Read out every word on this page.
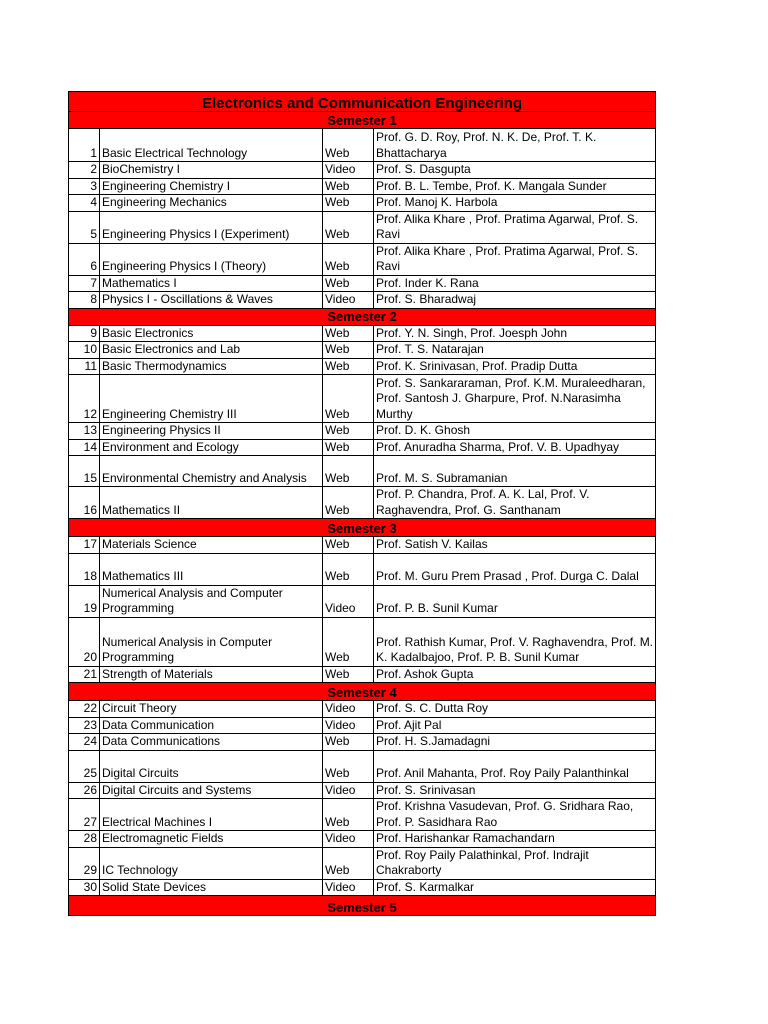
Electronics and Communication Engineering			
Semester 1			
1	Basic Electrical Technology	Web	Prof. G. D. Roy, Prof. N. K. De, Prof. T. K. Bhattacharya
2	BioChemistry I	Video	Prof. S. Dasgupta
3	Engineering Chemistry I	Web	Prof. B. L. Tembe, Prof. K. Mangala Sunder
4	Engineering Mechanics	Web	Prof. Manoj K. Harbola
5	Engineering Physics I (Experiment)	Web	Prof. Alika Khare , Prof. Pratima Agarwal, Prof. S. Ravi
6	Engineering Physics I (Theory)	Web	Prof. Alika Khare , Prof. Pratima Agarwal, Prof. S. Ravi
7	Mathematics I	Web	Prof. Inder K. Rana
8	Physics I - Oscillations & Waves	Video	Prof. S. Bharadwaj
Semester 2			
9	Basic Electronics	Web	Prof. Y. N. Singh, Prof. Joesph John
10	Basic Electronics and Lab	Web	Prof. T. S. Natarajan
11	Basic Thermodynamics	Web	Prof. K. Srinivasan, Prof. Pradip Dutta
12	Engineering Chemistry III	Web	Prof. S. Sankararaman, Prof. K.M. Muraleedharan, Prof. Santosh J. Gharpure, Prof. N.Narasimha Murthy
13	Engineering Physics II	Web	Prof. D. K. Ghosh
14	Environment and Ecology	Web	Prof. Anuradha Sharma, Prof. V. B. Upadhyay
15	Environmental Chemistry and Analysis	Web	Prof. M. S. Subramanian
16	Mathematics II	Web	Prof. P. Chandra, Prof. A. K. Lal, Prof. V. Raghavendra, Prof. G. Santhanam
Semester 3			
17	Materials Science	Web	Prof. Satish V. Kailas
18	Mathematics III	Web	Prof. M. Guru Prem Prasad , Prof. Durga C. Dalal
19	Numerical Analysis and Computer Programming	Video	Prof. P. B. Sunil Kumar
20	Numerical Analysis in Computer Programming	Web	Prof. Rathish Kumar, Prof. V. Raghavendra, Prof. M. K. Kadalbajoo, Prof. P. B. Sunil Kumar
21	Strength of Materials	Web	Prof. Ashok Gupta
Semester 4			
22	Circuit Theory	Video	Prof. S. C. Dutta Roy
23	Data Communication	Video	Prof. Ajit Pal
24	Data Communications	Web	Prof. H. S.Jamadagni
25	Digital Circuits	Web	Prof. Anil Mahanta, Prof. Roy Paily Palanthinkal
26	Digital Circuits and Systems	Video	Prof. S. Srinivasan
27	Electrical Machines I	Web	Prof. Krishna Vasudevan, Prof. G. Sridhara Rao, Prof. P. Sasidhara Rao
28	Electromagnetic Fields	Video	Prof. Harishankar Ramachandarn
29	IC Technology	Web	Prof. Roy Paily Palathinkal, Prof. Indrajit Chakraborty
30	Solid State Devices	Video	Prof. S. Karmalkar
Semester 5			
